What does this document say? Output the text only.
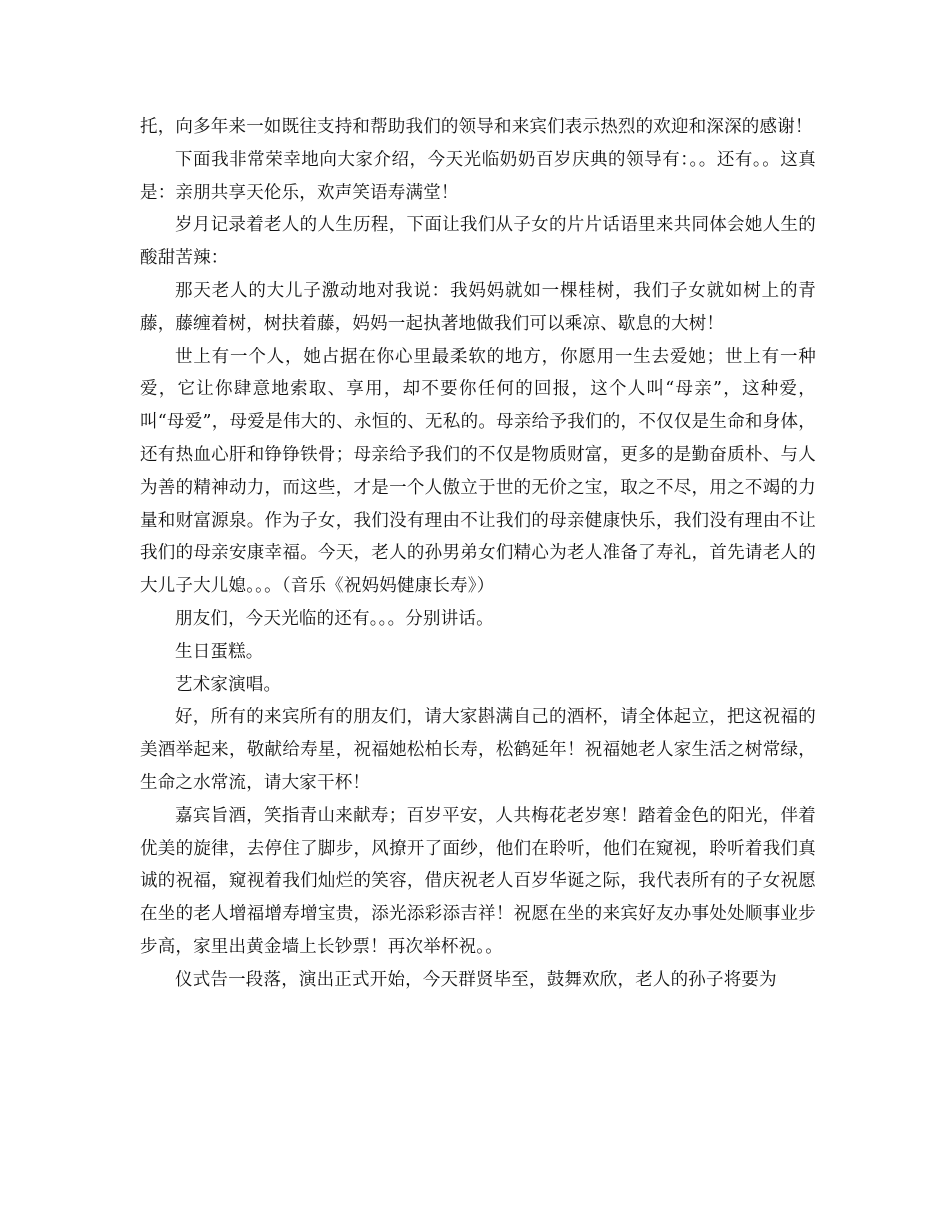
托，向多年来一如既往支持和帮助我们的领导和来宾们表示热烈的欢迎和深深的感谢！

下面我非常荣幸地向大家介绍，今天光临奶奶百岁庆典的领导有：。。还有。。这真是：亲朋共享天伦乐，欢声笑语寿满堂！

岁月记录着老人的人生历程，下面让我们从子女的片片话语里来共同体会她人生的酸甜苦辣：

那天老人的大儿子激动地对我说：我妈妈就如一棵桂树，我们子女就如树上的青藤，藤缠着树，树扶着藤，妈妈一起执著地做我们可以乘凉、歇息的大树！

世上有一个人，她占据在你心里最柔软的地方，你愿用一生去爱她；世上有一种爱，它让你肆意地索取、享用，却不要你任何的回报，这个人叫“母亲”，这种爱，叫“母爱”，母爱是伟大的、永恒的、无私的。母亲给予我们的，不仅仅是生命和身体，还有热血心肝和铮铮铁骨；母亲给予我们的不仅是物质财富，更多的是勤奋质朴、与人为善的精神动力，而这些，才是一个人傲立于世的无价之宝，取之不尽，用之不竭的力量和财富源泉。作为子女，我们没有理由不让我们的母亲健康快乐，我们没有理由不让我们的母亲安康幸福。今天，老人的孙男弟女们精心为老人准备了寿礼，首先请老人的大儿子大儿媳。。。（音乐《祝妈妈健康长寿》）

朋友们，今天光临的还有。。。分别讲话。

生日蛋糕。

艺术家演唱。

好，所有的来宾所有的朋友们，请大家斟满自己的酒杯，请全体起立，把这祝福的美酒举起来，敬献给寿星，祝福她松柏长寿，松鹤延年！祝福她老人家生活之树常绿，生命之水常流，请大家干杯！

嘉宾旨酒，笑指青山来献寿；百岁平安，人共梅花老岁寒！踏着金色的阳光，伴着优美的旋律，去停住了脚步，风撩开了面纱，他们在聆听，他们在窥视，聆听着我们真诚的祝福，窥视着我们灿烂的笑容，借庆祝老人百岁华诞之际，我代表所有的子女祝愿在坐的老人增福增寿增宝贵，添光添彩添吉祥！祝愿在坐的来宾好友办事处处顺事业步步高，家里出黄金墙上长钞票！再次举杯祝。。

仪式告一段落，演出正式开始，今天群贤毕至，鼓舞欢欣，老人的孙子将要为
